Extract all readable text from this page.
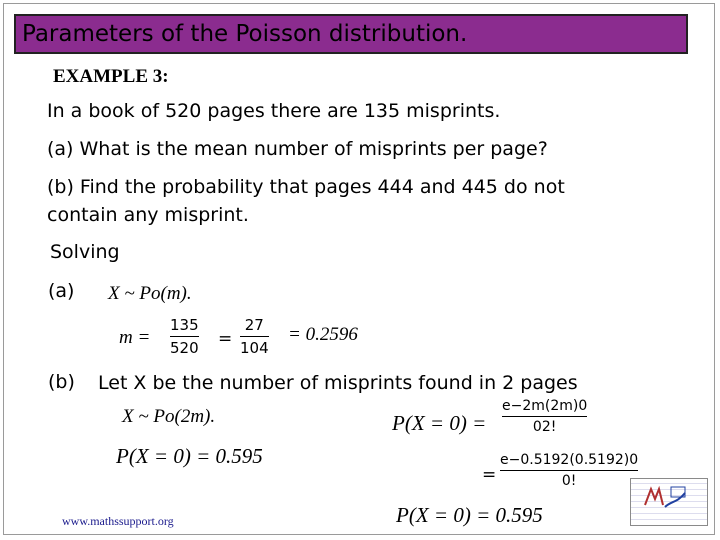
Parameters of the Poisson distribution.
EXAMPLE 3:
In a book of 520 pages there are 135 misprints.
(a) What is the mean number of misprints per page?
(b) Find the probability that pages 444 and 445 do not
contain any misprint.
Solving
(a) X ~ Po(m).
m =
135
520 =
27
104
= 0.2596
(b) Let X be the number of misprints found in 2 pages
X ~ Po(2m).	P(X = 0) =
e−2m(2m)0
02!
P(X = 0) = 0.595
=
e−0.5192(0.5192)0
0!
P(X = 0) = 0.595
www.mathssupport.org
